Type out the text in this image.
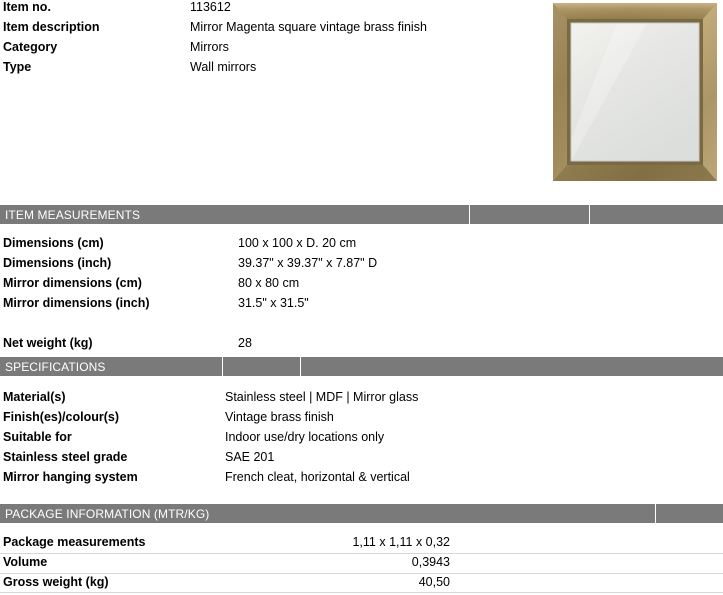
Item no.	113612
Item description	Mirror Magenta square vintage brass finish
Category	Mirrors
Type	Wall mirrors
ITEM MEASUREMENTS
Dimensions (cm)	100 x 100 x D. 20 cm
Dimensions (inch)	39.37" x 39.37" x 7.87" D
Mirror dimensions (cm)	80 x 80 cm
Mirror dimensions (inch)	31.5" x 31.5"
Net weight (kg)	28
SPECIFICATIONS
Material(s)	Stainless steel | MDF | Mirror glass
Finish(es)/colour(s)	Vintage brass finish
Suitable for	Indoor use/dry locations only
Stainless steel grade	SAE 201
Mirror hanging system	French cleat, horizontal & vertical
PACKAGE INFORMATION (MTR/KG)
Package measurements	1,11 x 1,11 x 0,32
Volume	0,3943
Gross weight (kg)	40,50
